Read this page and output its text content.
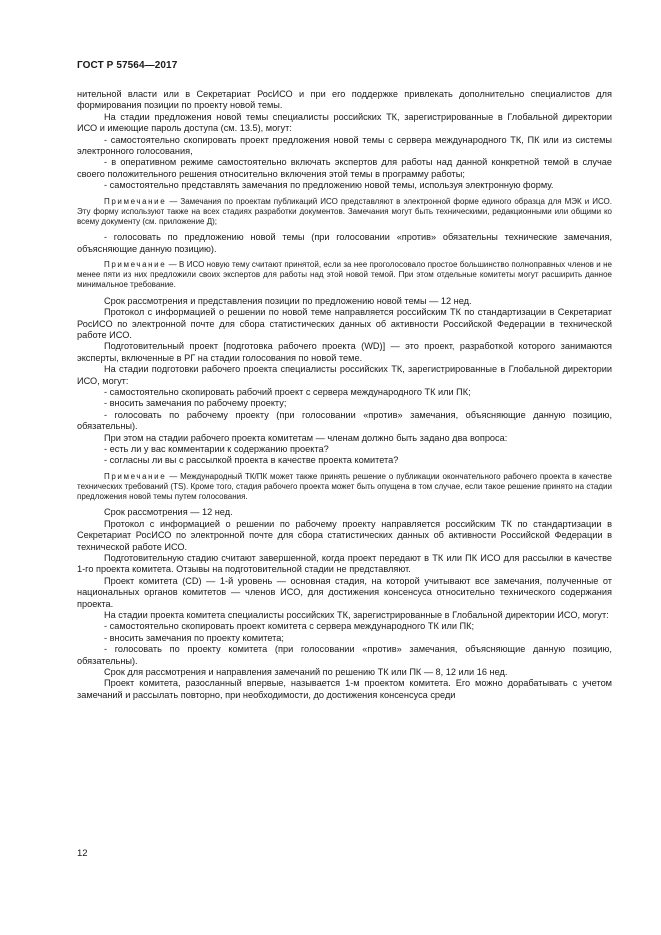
ГОСТ Р 57564—2017

нительной власти или в Секретариат РосИСО и при его поддержке привлекать дополнительно специалистов для формирования позиции по проекту новой темы.

На стадии предложения новой темы специалисты российских ТК, зарегистрированные в Глобальной директории ИСО и имеющие пароль доступа (см. 13.5), могут:

- самостоятельно скопировать проект предложения новой темы с сервера международного ТК, ПК или из системы электронного голосования,

- в оперативном режиме самостоятельно включать экспертов для работы над данной конкретной темой в случае своего положительного решения относительно включения этой темы в программу работы;

- самостоятельно представлять замечания по предложению новой темы, используя электронную форму.

Примечание — Замечания по проектам публикаций ИСО представляют в электронной форме единого образца для МЭК и ИСО. Эту форму используют также на всех стадиях разработки документов. Замечания могут быть техническими, редакционными или общими ко всему документу (см. приложение Д);

- голосовать по предложению новой темы (при голосовании «против» обязательны технические замечания, объясняющие данную позицию).

Примечание — В ИСО новую тему считают принятой, если за нее проголосовало простое большинство полноправных членов и не менее пяти из них предложили своих экспертов для работы над этой новой темой. При этом отдельные комитеты могут расширить данное минимальное требование.

Срок рассмотрения и представления позиции по предложению новой темы — 12 нед.

Протокол с информацией о решении по новой теме направляется российским ТК по стандартизации в Секретариат РосИСО по электронной почте для сбора статистических данных об активности Российской Федерации в технической работе ИСО.

Подготовительный проект [подготовка рабочего проекта (WD)] — это проект, разработкой которого занимаются эксперты, включенные в РГ на стадии голосования по новой теме.

На стадии подготовки рабочего проекта специалисты российских ТК, зарегистрированные в Глобальной директории ИСО, могут:

- самостоятельно скопировать рабочий проект с сервера международного ТК или ПК;

- вносить замечания по рабочему проекту;

- голосовать по рабочему проекту (при голосовании «против» замечания, объясняющие данную позицию, обязательны).

При этом на стадии рабочего проекта комитетам — членам должно быть задано два вопроса:

- есть ли у вас комментарии к содержанию проекта?

- согласны ли вы с рассылкой проекта в качестве проекта комитета?

Примечание — Международный ТК/ПК может также принять решение о публикации окончательного рабочего проекта в качестве технических требований (TS). Кроме того, стадия рабочего проекта может быть опущена в том случае, если такое решение принято на стадии предложения новой темы путем голосования.

Срок рассмотрения — 12 нед.

Протокол с информацией о решении по рабочему проекту направляется российским ТК по стандартизации в Секретариат РосИСО по электронной почте для сбора статистических данных об активности Российской Федерации в технической работе ИСО.

Подготовительную стадию считают завершенной, когда проект передают в ТК или ПК ИСО для рассылки в качестве 1-го проекта комитета. Отзывы на подготовительной стадии не представляют.

Проект комитета (CD) — 1-й уровень — основная стадия, на которой учитывают все замечания, полученные от национальных органов комитетов — членов ИСО, для достижения консенсуса относительно технического содержания проекта.

На стадии проекта комитета специалисты российских ТК, зарегистрированные в Глобальной директории ИСО, могут:

- самостоятельно скопировать проект комитета с сервера международного ТК или ПК;

- вносить замечания по проекту комитета;

- голосовать по проекту комитета (при голосовании «против» замечания, объясняющие данную позицию, обязательны).

Срок для рассмотрения и направления замечаний по решению ТК или ПК — 8, 12 или 16 нед.

Проект комитета, разосланный впервые, называется 1-м проектом комитета. Его можно дорабатывать с учетом замечаний и рассылать повторно, при необходимости, до достижения консенсуса среди

12
